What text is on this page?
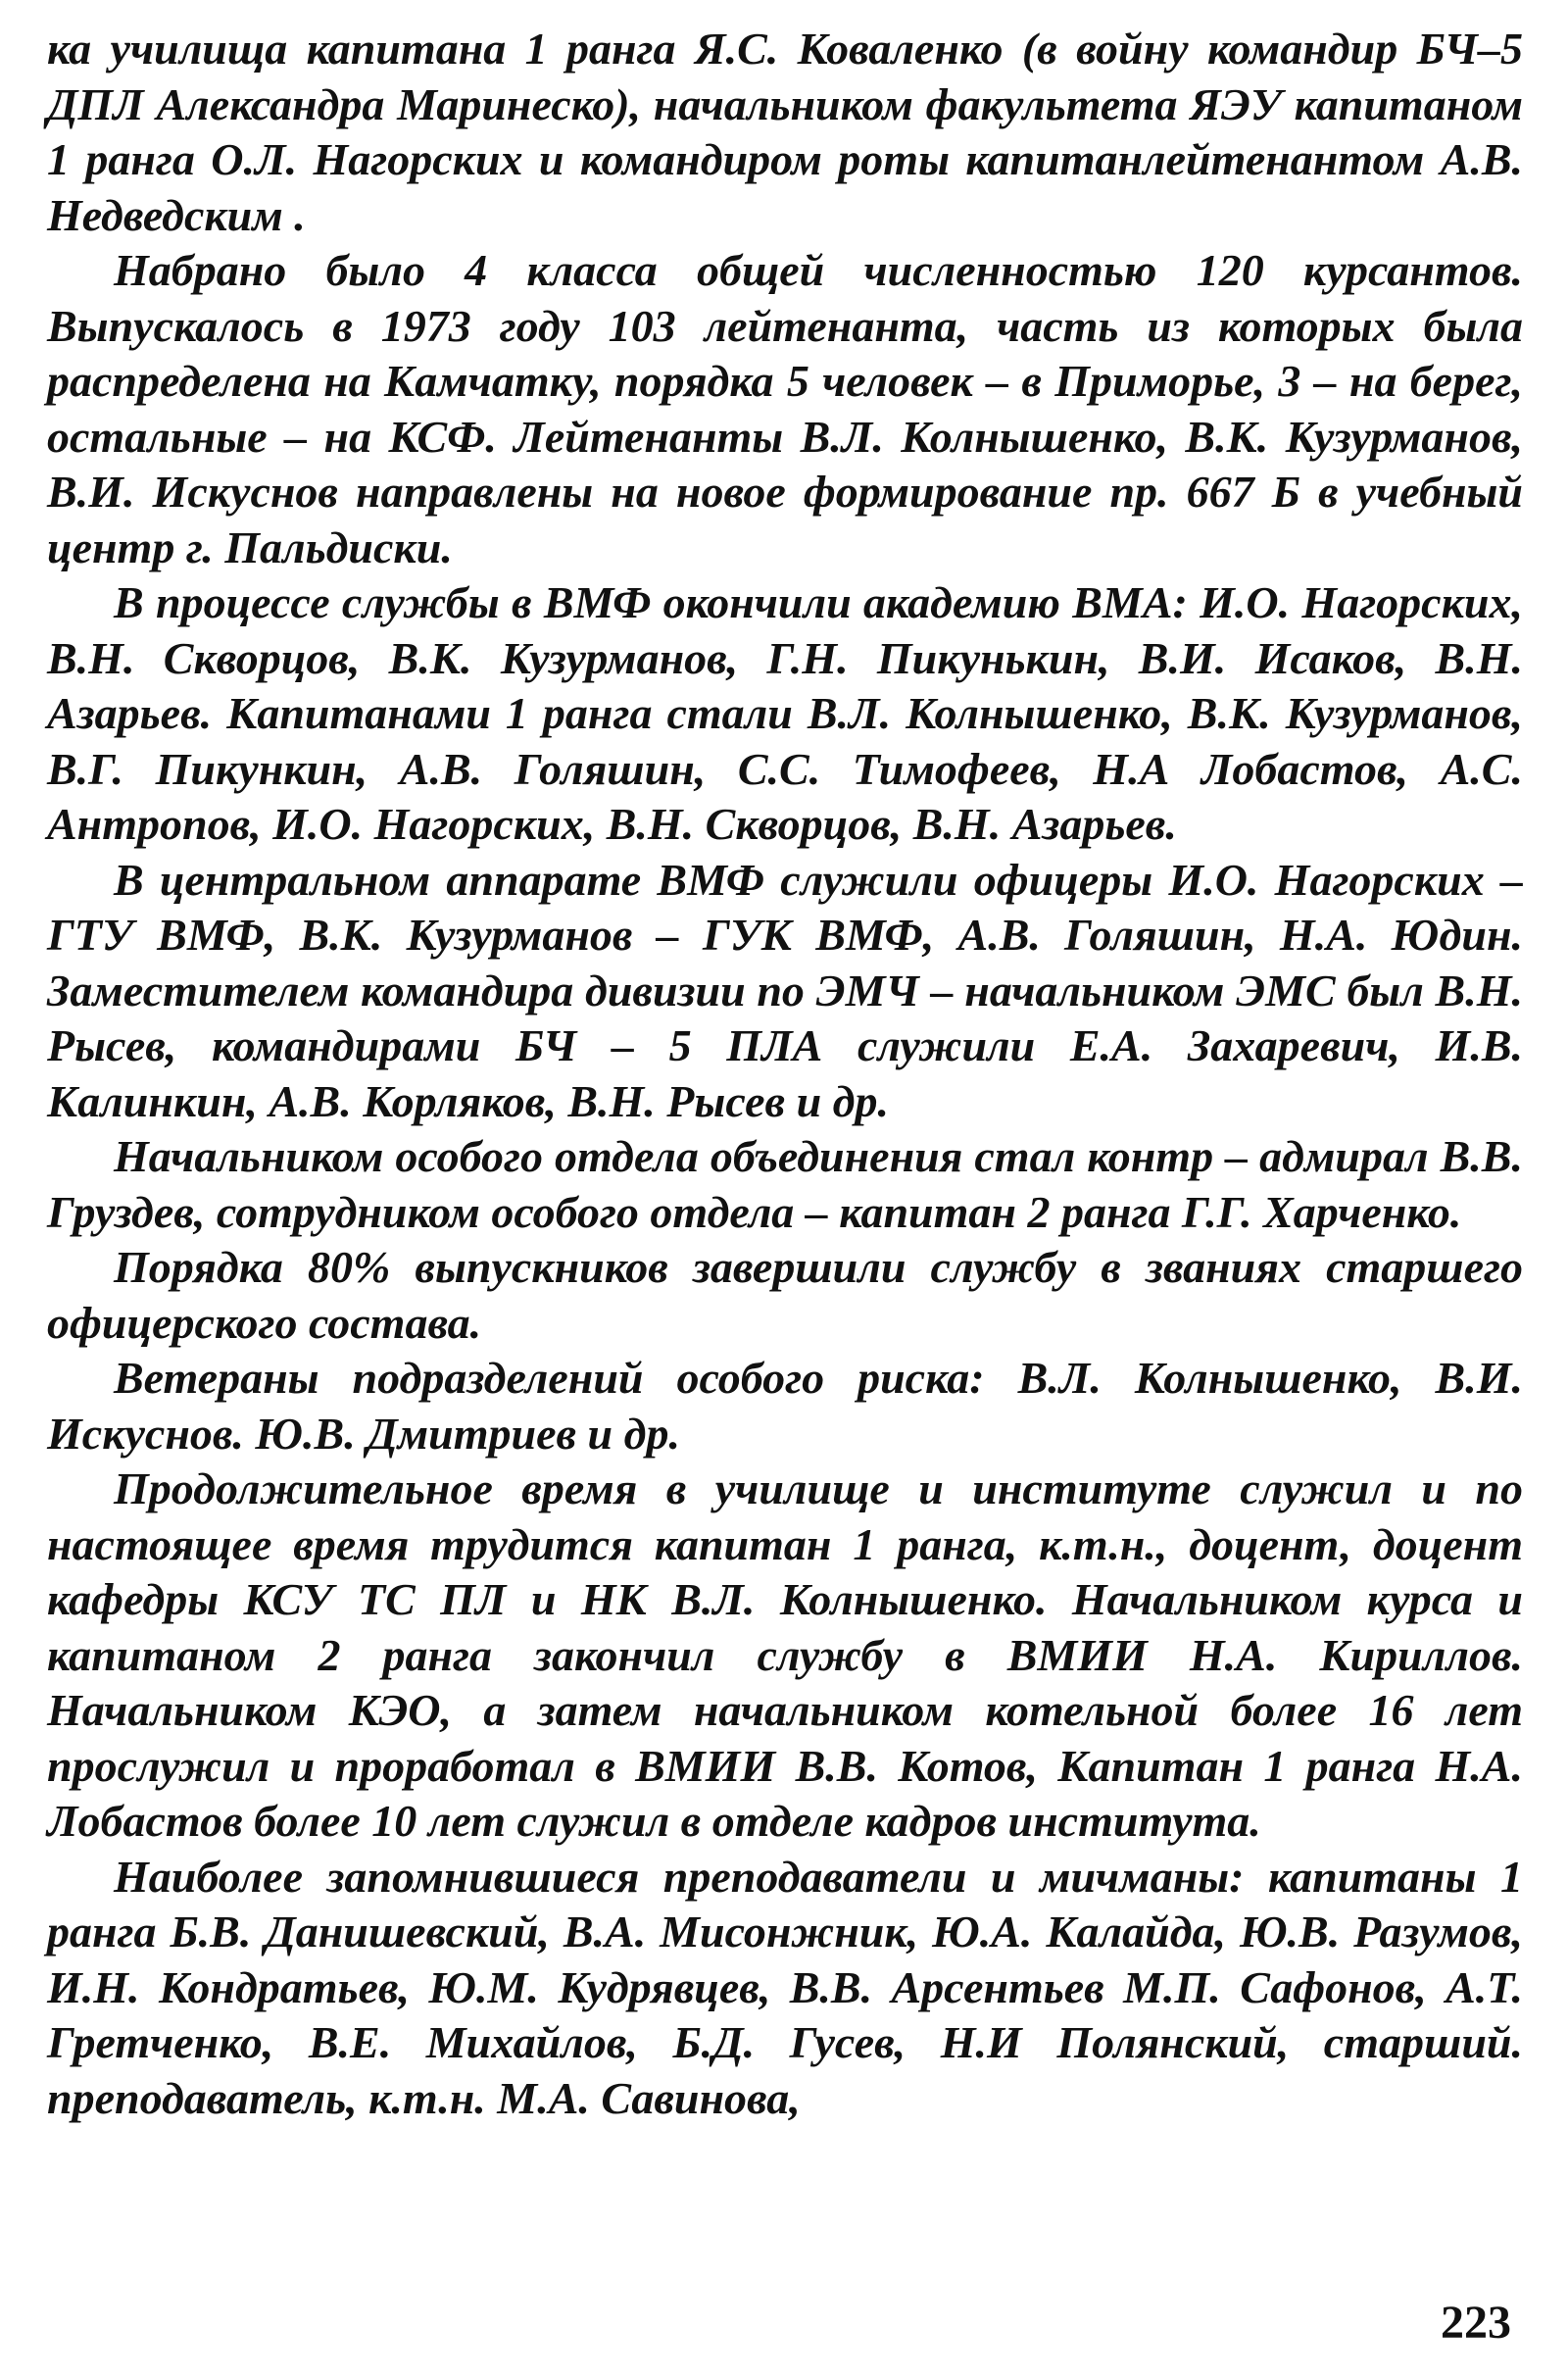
ка училища капитана 1 ранга Я.С. Коваленко (в войну командир БЧ–5 ДПЛ Александра Маринеско), начальником факультета ЯЭУ капитаном 1 ранга О.Л. Нагорских и командиром роты капитанлейтенантом А.В. Недведским .

Набрано было 4 класса общей численностью 120 курсантов. Выпускалось в 1973 году 103 лейтенанта, часть из которых была распределена на Камчатку, порядка 5 человек – в Приморье, 3 – на берег, остальные – на КСФ. Лейтенанты В.Л. Колнышенко, В.К. Кузурманов, В.И. Искуснов направлены на новое формирование пр. 667 Б в учебный центр г. Пальдиски.

В процессе службы в ВМФ окончили академию ВМА: И.О. Нагорских, В.Н. Скворцов, В.К. Кузурманов, Г.Н. Пикунькин, В.И. Исаков, В.Н. Азарьев. Капитанами 1 ранга стали В.Л. Колнышенко, В.К. Кузурманов, В.Г. Пикункин, А.В. Голяшин, С.С. Тимофеев, Н.А Лобастов, А.С. Антропов, И.О. Нагорских, В.Н. Скворцов, В.Н. Азарьев.

В центральном аппарате ВМФ служили офицеры И.О. Нагорских – ГТУ ВМФ, В.К. Кузурманов – ГУК ВМФ, А.В. Голяшин, Н.А. Юдин. Заместителем командира дивизии по ЭМЧ – начальником ЭМС был В.Н. Рысев, командирами БЧ – 5 ПЛА служили Е.А. Захаревич, И.В. Калинкин, А.В. Корляков, В.Н. Рысев и др.

Начальником особого отдела объединения стал контр – адмирал В.В. Груздев, сотрудником особого отдела – капитан 2 ранга Г.Г. Харченко.

Порядка 80% выпускников завершили службу в званиях старшего офицерского состава.

Ветераны подразделений особого риска: В.Л. Колнышенко, В.И. Искуснов. Ю.В. Дмитриев и др.

Продолжительное время в училище и институте служил и по настоящее время трудится капитан 1 ранга, к.т.н., доцент, доцент кафедры КСУ ТС ПЛ и НК В.Л. Колнышенко. Начальником курса и капитаном 2 ранга закончил службу в ВМИИ Н.А. Кириллов. Начальником КЭО, а затем начальником котельной более 16 лет прослужил и проработал в ВМИИ В.В. Котов, Капитан 1 ранга Н.А. Лобастов более 10 лет служил в отделе кадров института.

Наиболее запомнившиеся преподаватели и мичманы: капитаны 1 ранга Б.В. Данишевский, В.А. Мисонжник, Ю.А. Калайда, Ю.В. Разумов, И.Н. Кондратьев, Ю.М. Кудрявцев, В.В. Арсентьев М.П. Сафонов, А.Т. Гретченко, В.Е. Михайлов, Б.Д. Гусев, Н.И Полянский, старший. преподаватель, к.т.н. М.А. Савинова,

223
